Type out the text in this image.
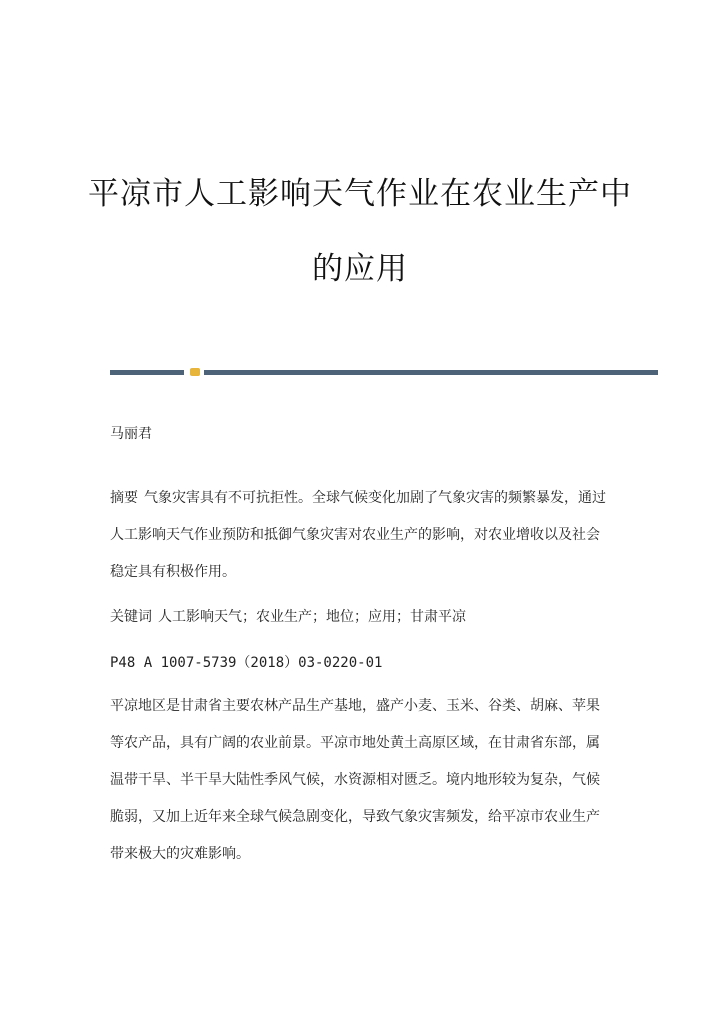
平凉市人工影响天气作业在农业生产中
的应用

马丽君

摘要 气象灾害具有不可抗拒性。全球气候变化加剧了气象灾害的频繁暴发，通过人工影响天气作业预防和抵御气象灾害对农业生产的影响，对农业增收以及社会稳定具有积极作用。

关键词 人工影响天气；农业生产；地位；应用；甘肃平凉

P48 A 1007-5739（2018）03-0220-01

平凉地区是甘肃省主要农林产品生产基地，盛产小麦、玉米、谷类、胡麻、苹果等农产品，具有广阔的农业前景。平凉市地处黄土高原区域，在甘肃省东部，属温带干旱、半干旱大陆性季风气候，水资源相对匮乏。境内地形较为复杂，气候脆弱，又加上近年来全球气候急剧变化，导致气象灾害频发，给平凉市农业生产带来极大的灾难影响。
